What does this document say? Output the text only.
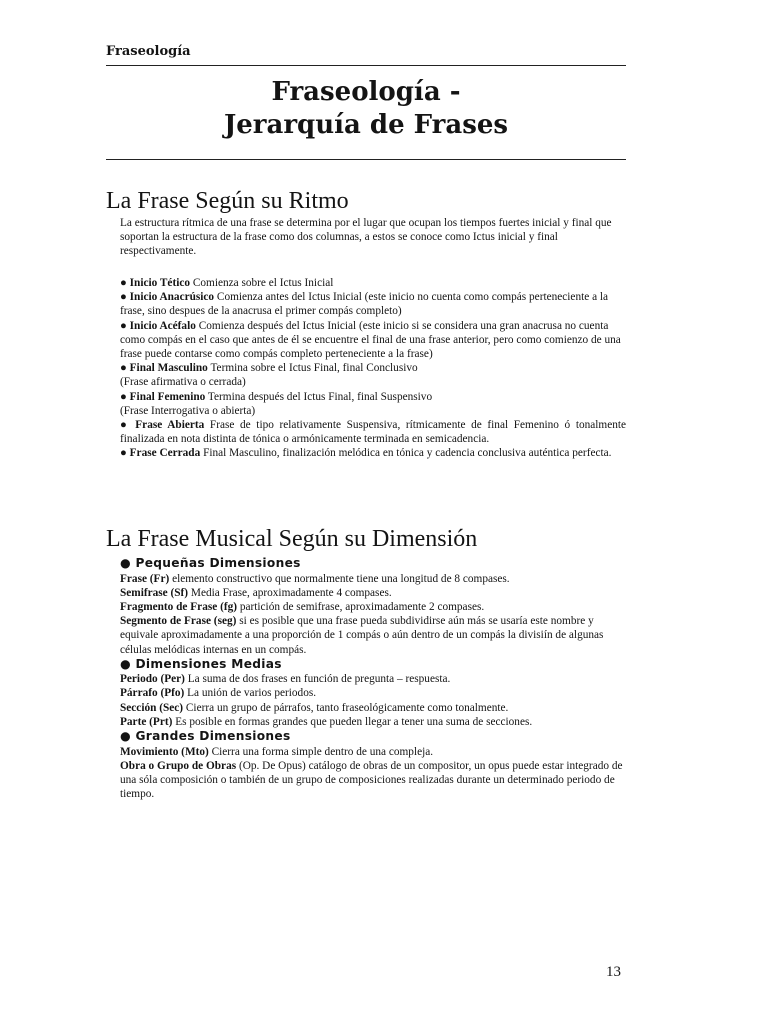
Fraseología
Fraseología -
Jerarquía de Frases
La Frase Según su Ritmo

La estructura rítmica de una frase se determina por el lugar que ocupan los tiempos fuertes inicial y final que soportan la estructura de la frase como dos columnas, a estos se conoce como Ictus inicial y final respectivamente.

● Inicio Tético Comienza sobre el Ictus Inicial

● Inicio Anacrúsico Comienza antes del Ictus Inicial (este inicio no cuenta como compás perteneciente a la frase, sino despues de la anacrusa el primer compás completo)

● Inicio Acéfalo Comienza después del Ictus Inicial (este inicio si se considera una gran anacrusa no cuenta como compás en el caso que antes de él se encuentre el final de una frase anterior, pero como comienzo de una frase puede contarse como compás completo perteneciente a la frase)

● Final Masculino Termina sobre el Ictus Final, final Conclusivo

(Frase afirmativa o cerrada)

● Final Femenino Termina después del Ictus Final, final Suspensivo

(Frase Interrogativa o abierta)

● Frase Abierta Frase de tipo relativamente Suspensiva, rítmicamente de final Femenino ó tonalmente finalizada en nota distinta de tónica o armónicamente terminada en semicadencia.

● Frase Cerrada Final Masculino, finalización melódica en tónica y cadencia conclusiva auténtica perfecta.

La Frase Musical Según su Dimensión
● Pequeñas Dimensiones

Frase (Fr) elemento constructivo que normalmente tiene una longitud de 8 compases.

Semifrase (Sf) Media Frase, aproximadamente 4 compases.

Fragmento de Frase (fg) partición de semifrase, aproximadamente 2 compases.

Segmento de Frase (seg) si es posible que una frase pueda subdividirse aún más se usaría este nombre y equivale aproximadamente a una proporción de 1 compás o aún dentro de un compás la divisiín de algunas células melódicas internas en un compás.

● Dimensiones Medias

Periodo (Per) La suma de dos frases en función de pregunta – respuesta.

Párrafo (Pfo) La unión de varios periodos.

Sección (Sec) Cierra un grupo de párrafos, tanto fraseológicamente como tonalmente.

Parte (Prt) Es posible en formas grandes que pueden llegar a tener una suma de secciones.

● Grandes Dimensiones

Movimiento (Mto) Cierra una forma simple dentro de una compleja.

Obra o Grupo de Obras (Op. De Opus) catálogo de obras de un compositor, un opus puede estar integrado de una sóla composición o también de un grupo de composiciones realizadas durante un determinado periodo de tiempo.

13
